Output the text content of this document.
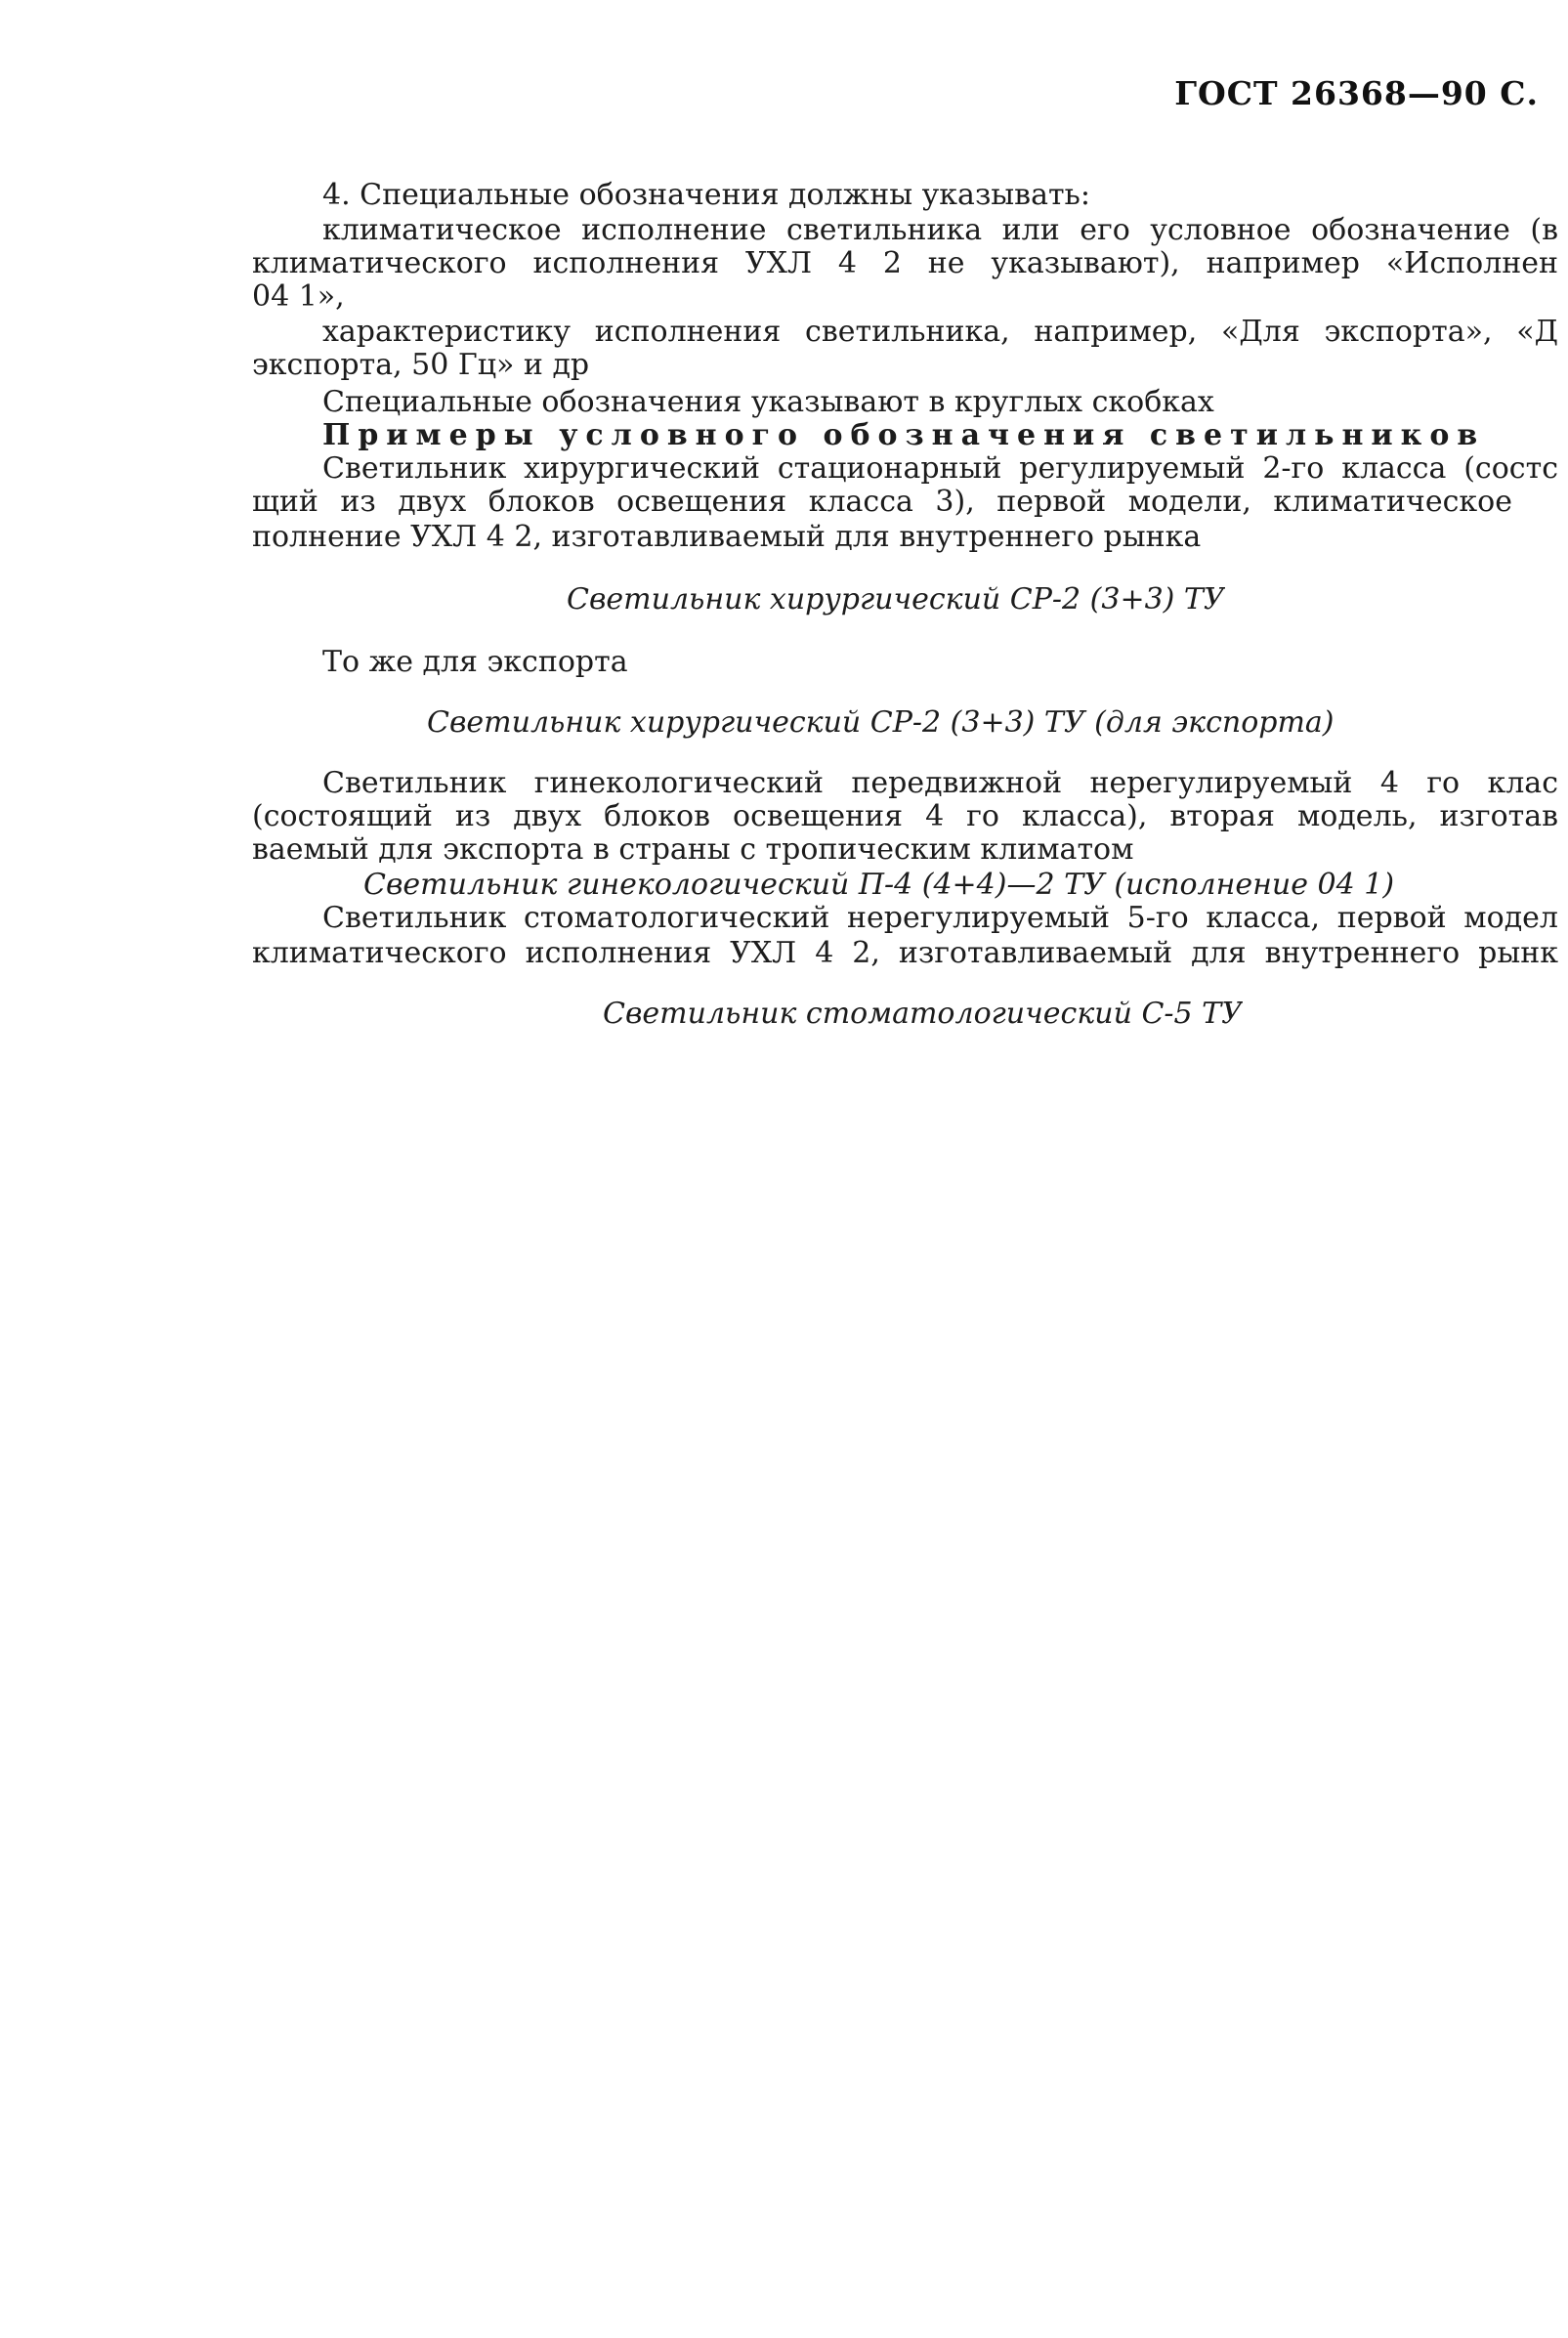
ГОСТ 26368—90 С.
4. Специальные обозначения должны указывать:
климатическое исполнение светильника или его условное обозначение (в
климатического исполнения УХЛ 4 2 не указывают), например «Исполнен
04 1»,
характеристику исполнения светильника, например, «Для экспорта», «Д
экспорта, 50 Гц» и др
Специальные обозначения указывают в круглых скобках
Примеры условного обозначения светильников
Светильник хирургический стационарный регулируемый 2-го класса (состс
щий из двух блоков освещения класса 3), первой модели, климатическое
полнение УХЛ 4 2, изготавливаемый для внутреннего рынка
Светильник хирургический СР-2 (3+3) ТУ
То же для экспорта
Светильник хирургический СР-2 (3+3) ТУ (для экспорта)
Светильник гинекологический передвижной нерегулируемый 4 го клас
(состоящий из двух блоков освещения 4 го класса), вторая модель, изготав
ваемый для экспорта в страны с тропическим климатом
Светильник гинекологический П-4 (4+4)—2 ТУ (исполнение 04 1)
Светильник стоматологический нерегулируемый 5-го класса, первой модел
климатического исполнения УХЛ 4 2, изготавливаемый для внутреннего рынк
Светильник стоматологический С-5 ТУ
